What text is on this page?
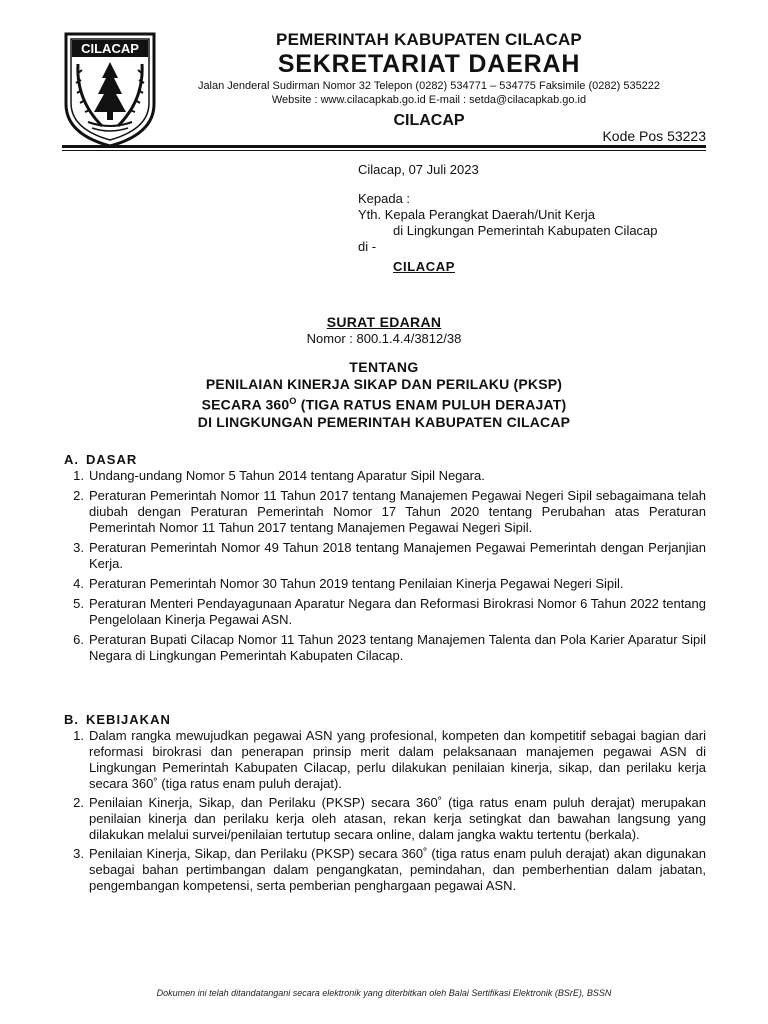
CILACAP	PEMERINTAH KABUPATEN CILACAP
SEKRETARIAT DAERAH
Jalan Jenderal Sudirman Nomor 32 Telepon (0282) 534771 – 534775 Faksimile (0282) 535222
Website : www.cilacapkab.go.id E-mail : setda@cilacapkab.go.id
CILACAP
Kode Pos 53223
Cilacap, 07 Juli 2023
Kepada :
Yth. Kepala Perangkat Daerah/Unit Kerja
di Lingkungan Pemerintah Kabupaten Cilacap
di -
CILACAP
SURAT EDARAN
Nomor : 800.1.4.4/3812/38
TENTANG
PENILAIAN KINERJA SIKAP DAN PERILAKU (PKSP)
SECARA $360^O$ (TIGA RATUS ENAM PULUH DERAJAT)
DI LINGKUNGAN PEMERINTAH KABUPATEN CILACAP
A. DASAR
1. Undang-undang Nomor 5 Tahun 2014 tentang Aparatur Sipil Negara.
2. Peraturan Pemerintah Nomor 11 Tahun 2017 tentang Manajemen Pegawai Negeri Sipil sebagaimana telah diubah dengan Peraturan Pemerintah Nomor 17 Tahun 2020 tentang Perubahan atas Peraturan Pemerintah Nomor 11 Tahun 2017 tentang Manajemen Pegawai Negeri Sipil.
3. Peraturan Pemerintah Nomor 49 Tahun 2018 tentang Manajemen Pegawai Pemerintah dengan Perjanjian Kerja.
4. Peraturan Pemerintah Nomor 30 Tahun 2019 tentang Penilaian Kinerja Pegawai Negeri Sipil.
5. Peraturan Menteri Pendayagunaan Aparatur Negara dan Reformasi Birokrasi Nomor 6 Tahun 2022 tentang Pengelolaan Kinerja Pegawai ASN.
6. Peraturan Bupati Cilacap Nomor 11 Tahun 2023 tentang Manajemen Talenta dan Pola Karier Aparatur Sipil Negara di Lingkungan Pemerintah Kabupaten Cilacap.
B. KEBIJAKAN
1. Dalam rangka mewujudkan pegawai ASN yang profesional, kompeten dan kompetitif sebagai bagian dari reformasi birokrasi dan penerapan prinsip merit dalam pelaksanaan manajemen pegawai ASN di Lingkungan Pemerintah Kabupaten Cilacap, perlu dilakukan penilaian kinerja, sikap, dan perilaku kerja secara 360˚ (tiga ratus enam puluh derajat).
2. Penilaian Kinerja, Sikap, dan Perilaku (PKSP) secara 360˚ (tiga ratus enam puluh derajat) merupakan penilaian kinerja dan perilaku kerja oleh atasan, rekan kerja setingkat dan bawahan langsung yang dilakukan melalui survei/penilaian tertutup secara online, dalam jangka waktu tertentu (berkala).
3. Penilaian Kinerja, Sikap, dan Perilaku (PKSP) secara 360˚ (tiga ratus enam puluh derajat) akan digunakan sebagai bahan pertimbangan dalam pengangkatan, pemindahan, dan pemberhentian dalam jabatan, pengembangan kompetensi, serta pemberian penghargaan pegawai ASN.
Dokumen ini telah ditandatangani secara elektronik yang diterbitkan oleh Balai Sertifikasi Elektronik (BSrE), BSSN
